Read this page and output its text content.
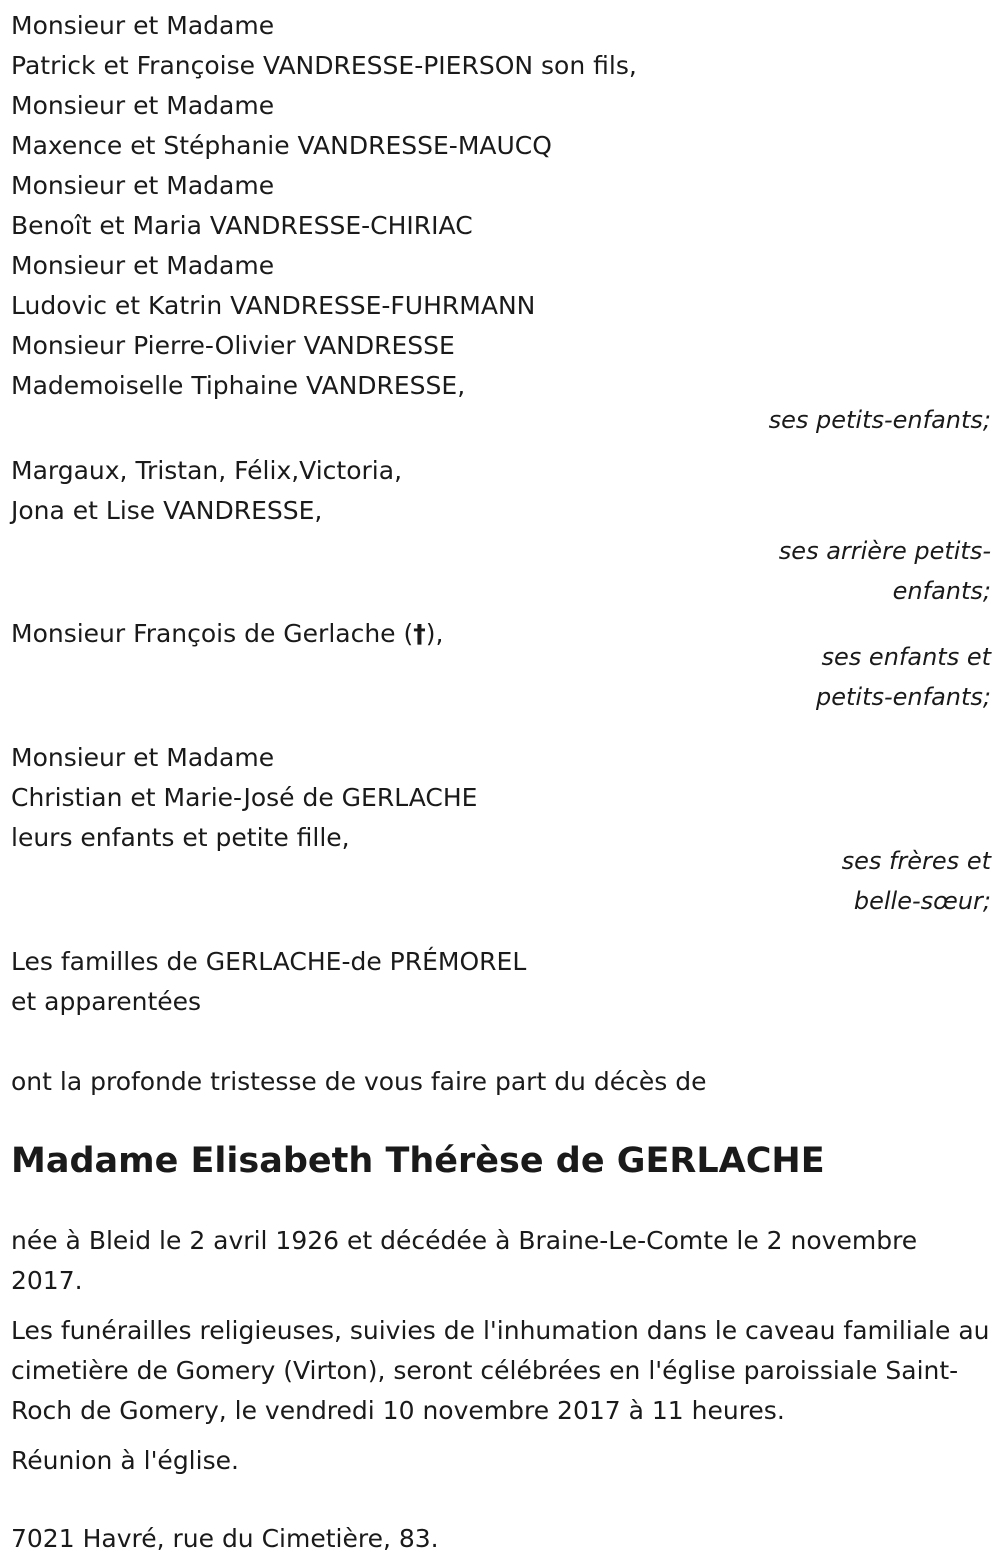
Monsieur et Madame
Patrick et Françoise VANDRESSE-PIERSON son fils,
Monsieur et Madame
Maxence et Stéphanie VANDRESSE-MAUCQ
Monsieur et Madame
Benoît et Maria VANDRESSE-CHIRIAC
Monsieur et Madame
Ludovic et Katrin VANDRESSE-FUHRMANN
Monsieur Pierre-Olivier VANDRESSE
Mademoiselle Tiphaine VANDRESSE,
ses petits-enfants;
Margaux, Tristan, Félix,Victoria,
Jona et Lise VANDRESSE,
ses arrière petits-
enfants;
Monsieur François de Gerlache (†),
ses enfants et
petits-enfants;
Monsieur et Madame
Christian et Marie-José de GERLACHE
leurs enfants et petite fille,
ses frères et
belle-sœur;
Les familles de GERLACHE-de PRÉMOREL
et apparentées
ont la profonde tristesse de vous faire part du décès de
Madame Elisabeth Thérèse de GERLACHE

née à Bleid le 2 avril 1926 et décédée à Braine-Le-Comte le 2 novembre 2017.

Les funérailles religieuses, suivies de l'inhumation dans le caveau familiale au cimetière de Gomery (Virton), seront célébrées en l'église paroissiale Saint-Roch de Gomery, le vendredi 10 novembre 2017 à 11 heures.

Réunion à l'église.

7021 Havré, rue du Cimetière, 83.
